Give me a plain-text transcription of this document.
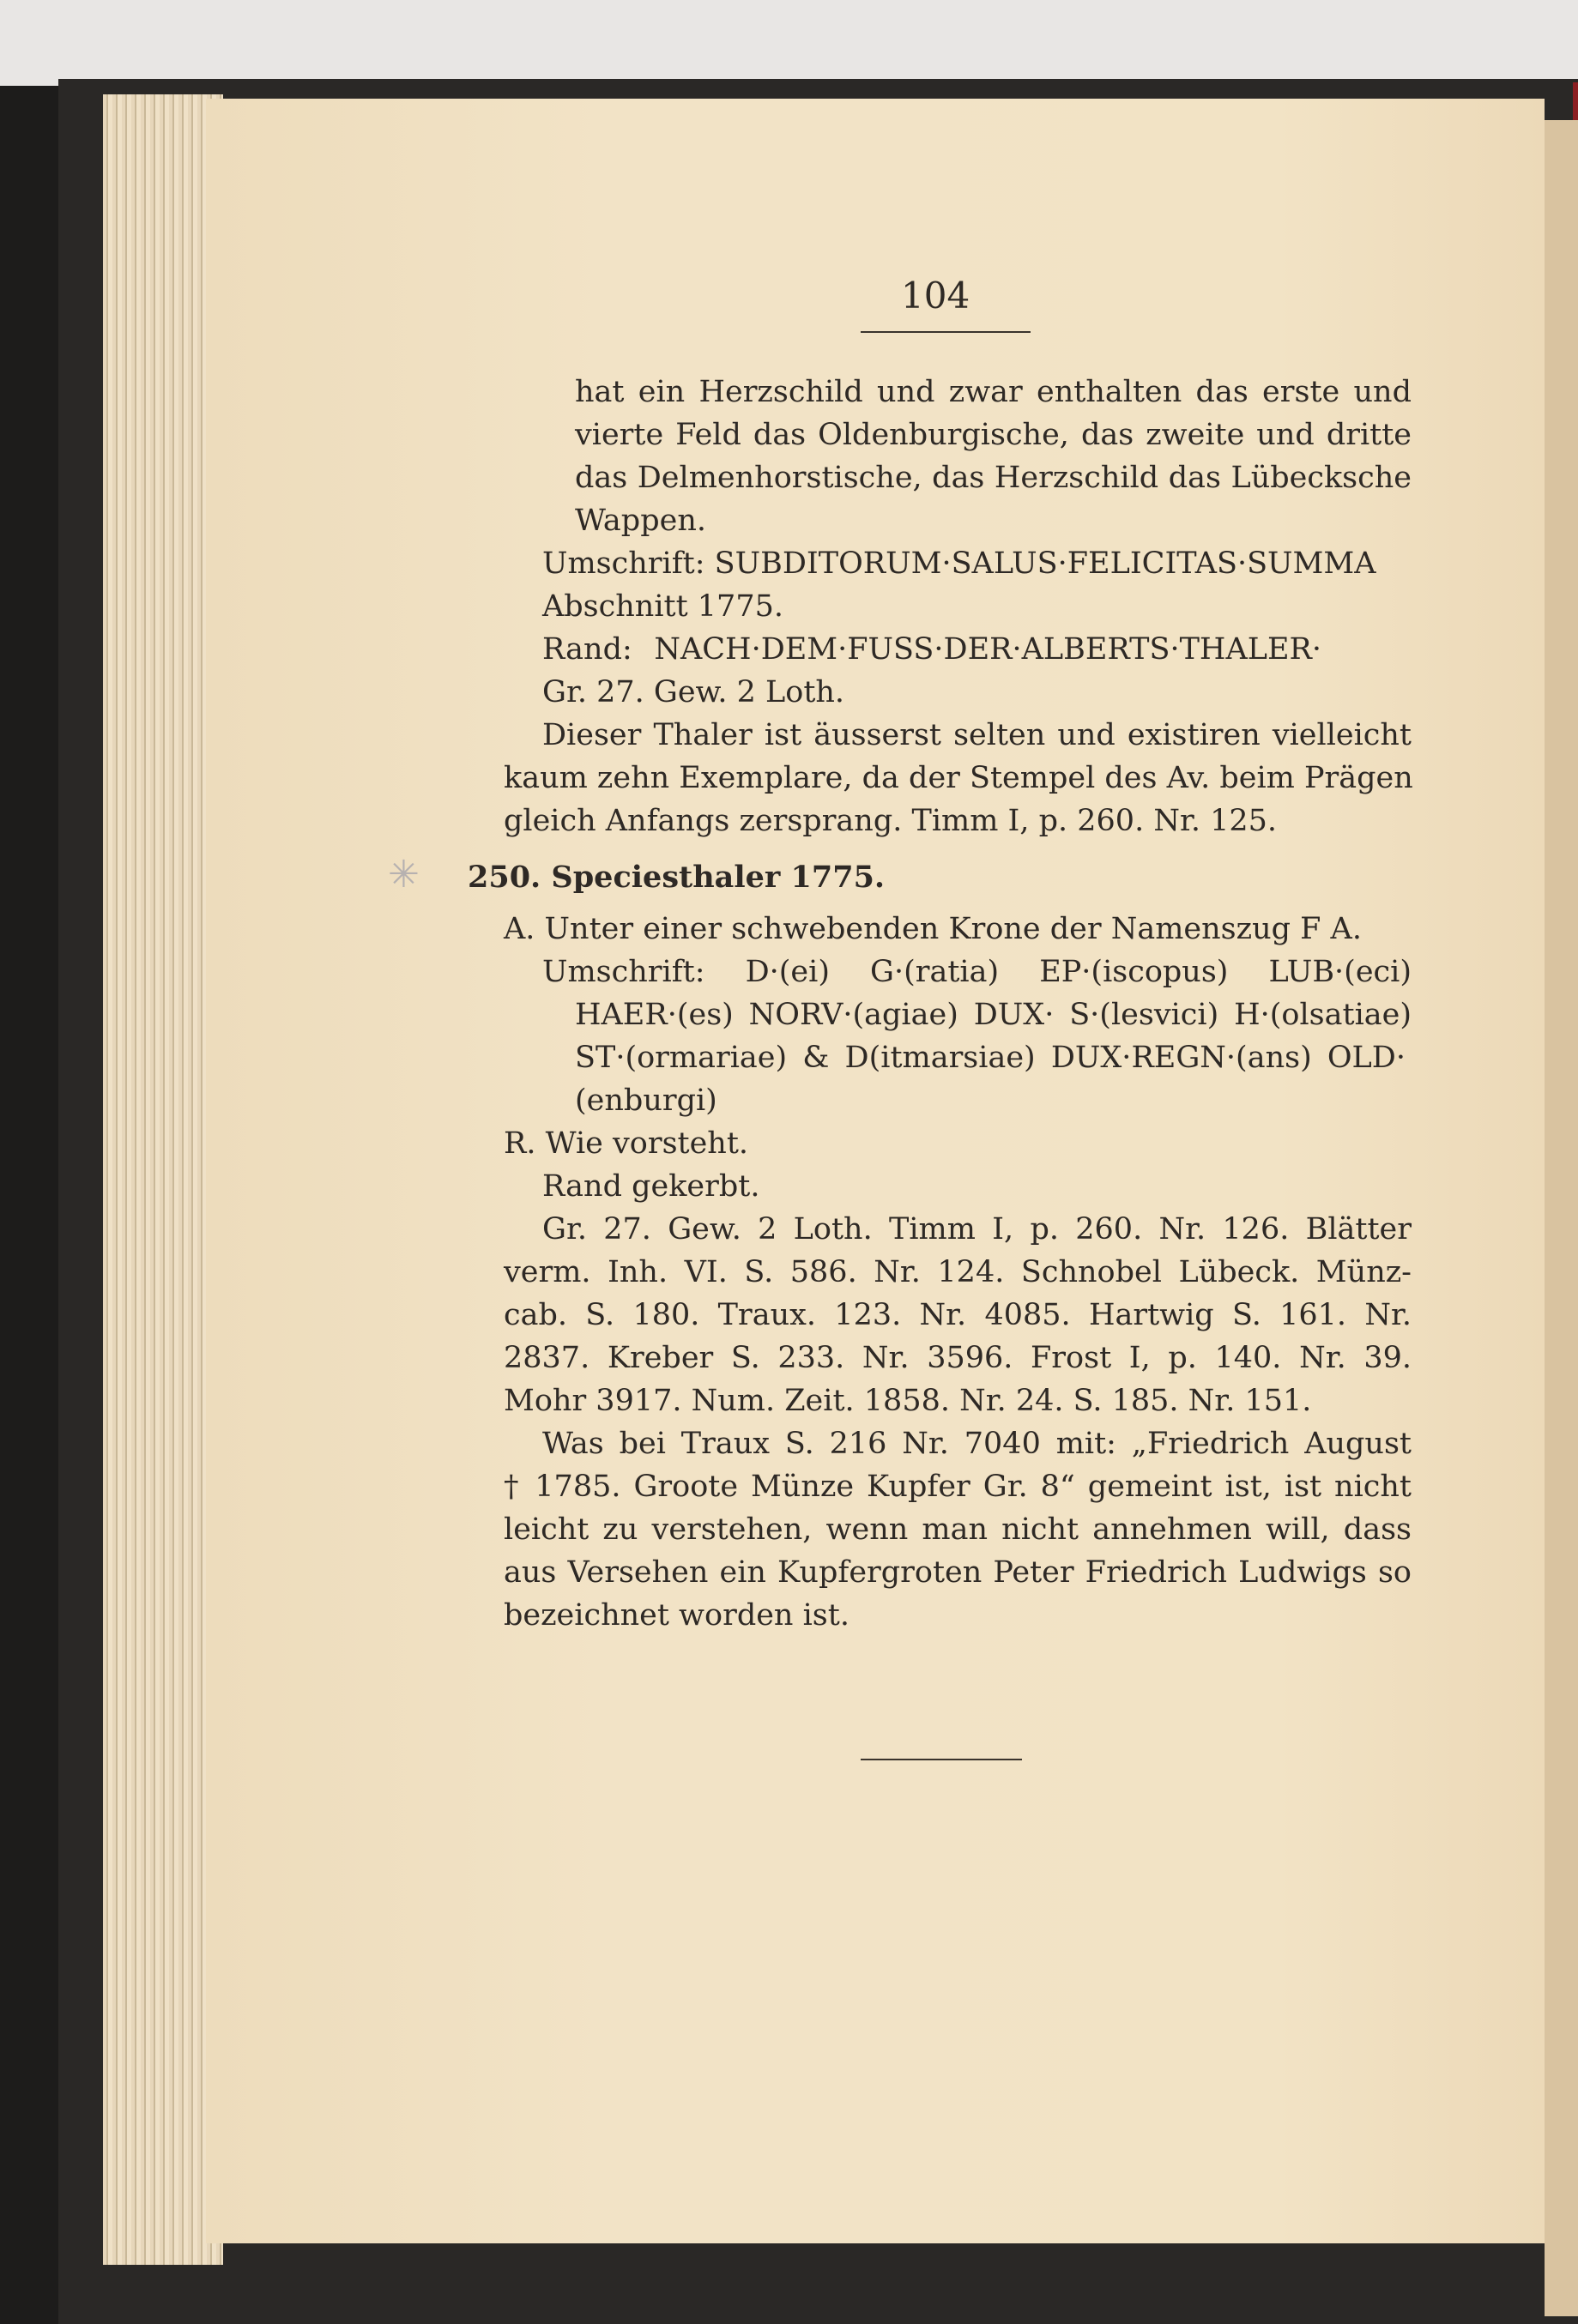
104
✳
hat ein Herzschild und zwar enthalten das erste und
vierte Feld das Oldenburgische, das zweite und dritte
das Delmenhorstische, das Herzschild das Lübecksche
Wappen.
Umschrift: SUBDITORUM·SALUS·FELICITAS·SUMMA
Abschnitt 1775.
Rand: NACH·DEM·FUSS·DER·ALBERTS·THALER·
Gr. 27. Gew. 2 Loth.
Dieser Thaler ist äusserst selten und existiren vielleicht
kaum zehn Exemplare, da der Stempel des Av. beim Prägen
gleich Anfangs zersprang. Timm I, p. 260. Nr. 125.
250. Speciesthaler 1775.
A. Unter einer schwebenden Krone der Namenszug F A.
Umschrift: D·(ei) G·(ratia) EP·(iscopus) LUB·(eci)
HAER·(es) NORV·(agiae) DUX· S·(lesvici) H·(olsatiae)
ST·(ormariae) & D(itmarsiae) DUX·REGN·(ans) OLD·
(enburgi)
R. Wie vorsteht.
Rand gekerbt.
Gr. 27. Gew. 2 Loth. Timm I, p. 260. Nr. 126. Blätter
verm. Inh. VI. S. 586. Nr. 124. Schnobel Lübeck. Münz-
cab. S. 180. Traux. 123. Nr. 4085. Hartwig S. 161. Nr.
2837. Kreber S. 233. Nr. 3596. Frost I, p. 140. Nr. 39.
Mohr 3917. Num. Zeit. 1858. Nr. 24. S. 185. Nr. 151.
Was bei Traux S. 216 Nr. 7040 mit: „Friedrich August
† 1785. Groote Münze Kupfer Gr. 8“ gemeint ist, ist nicht
leicht zu verstehen, wenn man nicht annehmen will, dass
aus Versehen ein Kupfergroten Peter Friedrich Ludwigs so
bezeichnet worden ist.
